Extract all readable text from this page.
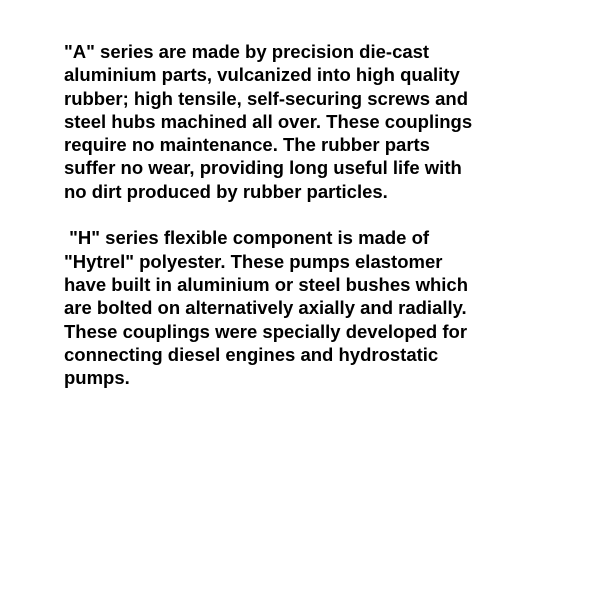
"A" series are made by precision die-cast
aluminium parts, vulcanized into high quality
rubber; high tensile, self-securing screws and
steel hubs machined all over. These couplings
require no maintenance. The rubber parts
suffer no wear, providing long useful life with
no dirt produced by rubber particles.

"H" series flexible component is made of
"Hytrel" polyester. These pumps elastomer
have built in aluminium or steel bushes which
are bolted on alternatively axially and radially.
These couplings were specially developed for
connecting diesel engines and hydrostatic
pumps.
